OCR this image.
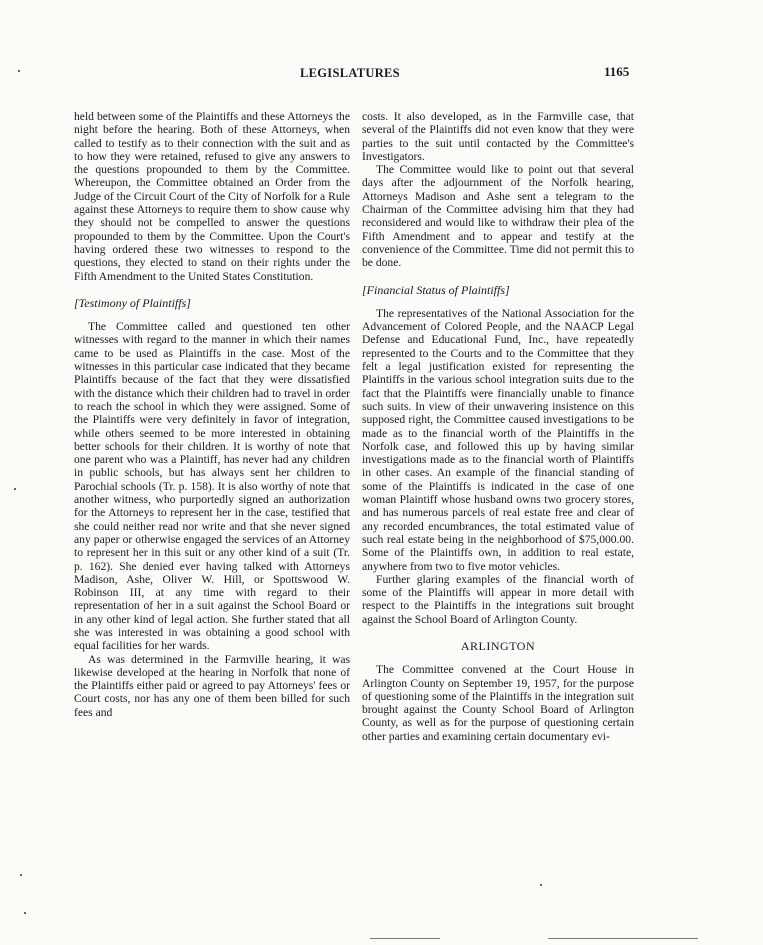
LEGISLATURES	1165

held between some of the Plaintiffs and these Attorneys the night before the hearing. Both of these Attorneys, when called to testify as to their connection with the suit and as to how they were retained, refused to give any answers to the questions propounded to them by the Committee. Whereupon, the Committee obtained an Order from the Judge of the Circuit Court of the City of Norfolk for a Rule against these Attorneys to require them to show cause why they should not be compelled to answer the questions propounded to them by the Committee. Upon the Court's having ordered these two witnesses to respond to the questions, they elected to stand on their rights under the Fifth Amendment to the United States Constitution.

[Testimony of Plaintiffs]

The Committee called and questioned ten other witnesses with regard to the manner in which their names came to be used as Plaintiffs in the case. Most of the witnesses in this particular case indicated that they became Plaintiffs because of the fact that they were dissatisfied with the distance which their children had to travel in order to reach the school in which they were assigned. Some of the Plaintiffs were very definitely in favor of integration, while others seemed to be more interested in obtaining better schools for their children. It is worthy of note that one parent who was a Plaintiff, has never had any children in public schools, but has always sent her children to Parochial schools (Tr. p. 158). It is also worthy of note that another witness, who purportedly signed an authorization for the Attorneys to represent her in the case, testified that she could neither read nor write and that she never signed any paper or otherwise engaged the services of an Attorney to represent her in this suit or any other kind of a suit (Tr. p. 162). She denied ever having talked with Attorneys Madison, Ashe, Oliver W. Hill, or Spottswood W. Robinson III, at any time with regard to their representation of her in a suit against the School Board or in any other kind of legal action. She further stated that all she was interested in was obtaining a good school with equal facilities for her wards.

As was determined in the Farmville hearing, it was likewise developed at the hearing in Norfolk that none of the Plaintiffs either paid or agreed to pay Attorneys' fees or Court costs, nor has any one of them been billed for such fees and

costs. It also developed, as in the Farmville case, that several of the Plaintiffs did not even know that they were parties to the suit until contacted by the Committee's Investigators.

The Committee would like to point out that several days after the adjournment of the Norfolk hearing, Attorneys Madison and Ashe sent a telegram to the Chairman of the Committee advising him that they had reconsidered and would like to withdraw their plea of the Fifth Amendment and to appear and testify at the convenience of the Committee. Time did not permit this to be done.

[Financial Status of Plaintiffs]

The representatives of the National Association for the Advancement of Colored People, and the NAACP Legal Defense and Educational Fund, Inc., have repeatedly represented to the Courts and to the Committee that they felt a legal justification existed for representing the Plaintiffs in the various school integration suits due to the fact that the Plaintiffs were financially unable to finance such suits. In view of their unwavering insistence on this supposed right, the Committee caused investigations to be made as to the financial worth of the Plaintiffs in the Norfolk case, and followed this up by having similar investigations made as to the financial worth of Plaintiffs in other cases. An example of the financial standing of some of the Plaintiffs is indicated in the case of one woman Plaintiff whose husband owns two grocery stores, and has numerous parcels of real estate free and clear of any recorded encumbrances, the total estimated value of such real estate being in the neighborhood of $75,000.00. Some of the Plaintiffs own, in addition to real estate, anywhere from two to five motor vehicles.

Further glaring examples of the financial worth of some of the Plaintiffs will appear in more detail with respect to the Plaintiffs in the integrations suit brought against the School Board of Arlington County.

ARLINGTON

The Committee convened at the Court House in Arlington County on September 19, 1957, for the purpose of questioning some of the Plaintiffs in the integration suit brought against the County School Board of Arlington County, as well as for the purpose of questioning certain other parties and examining certain documentary evi-
